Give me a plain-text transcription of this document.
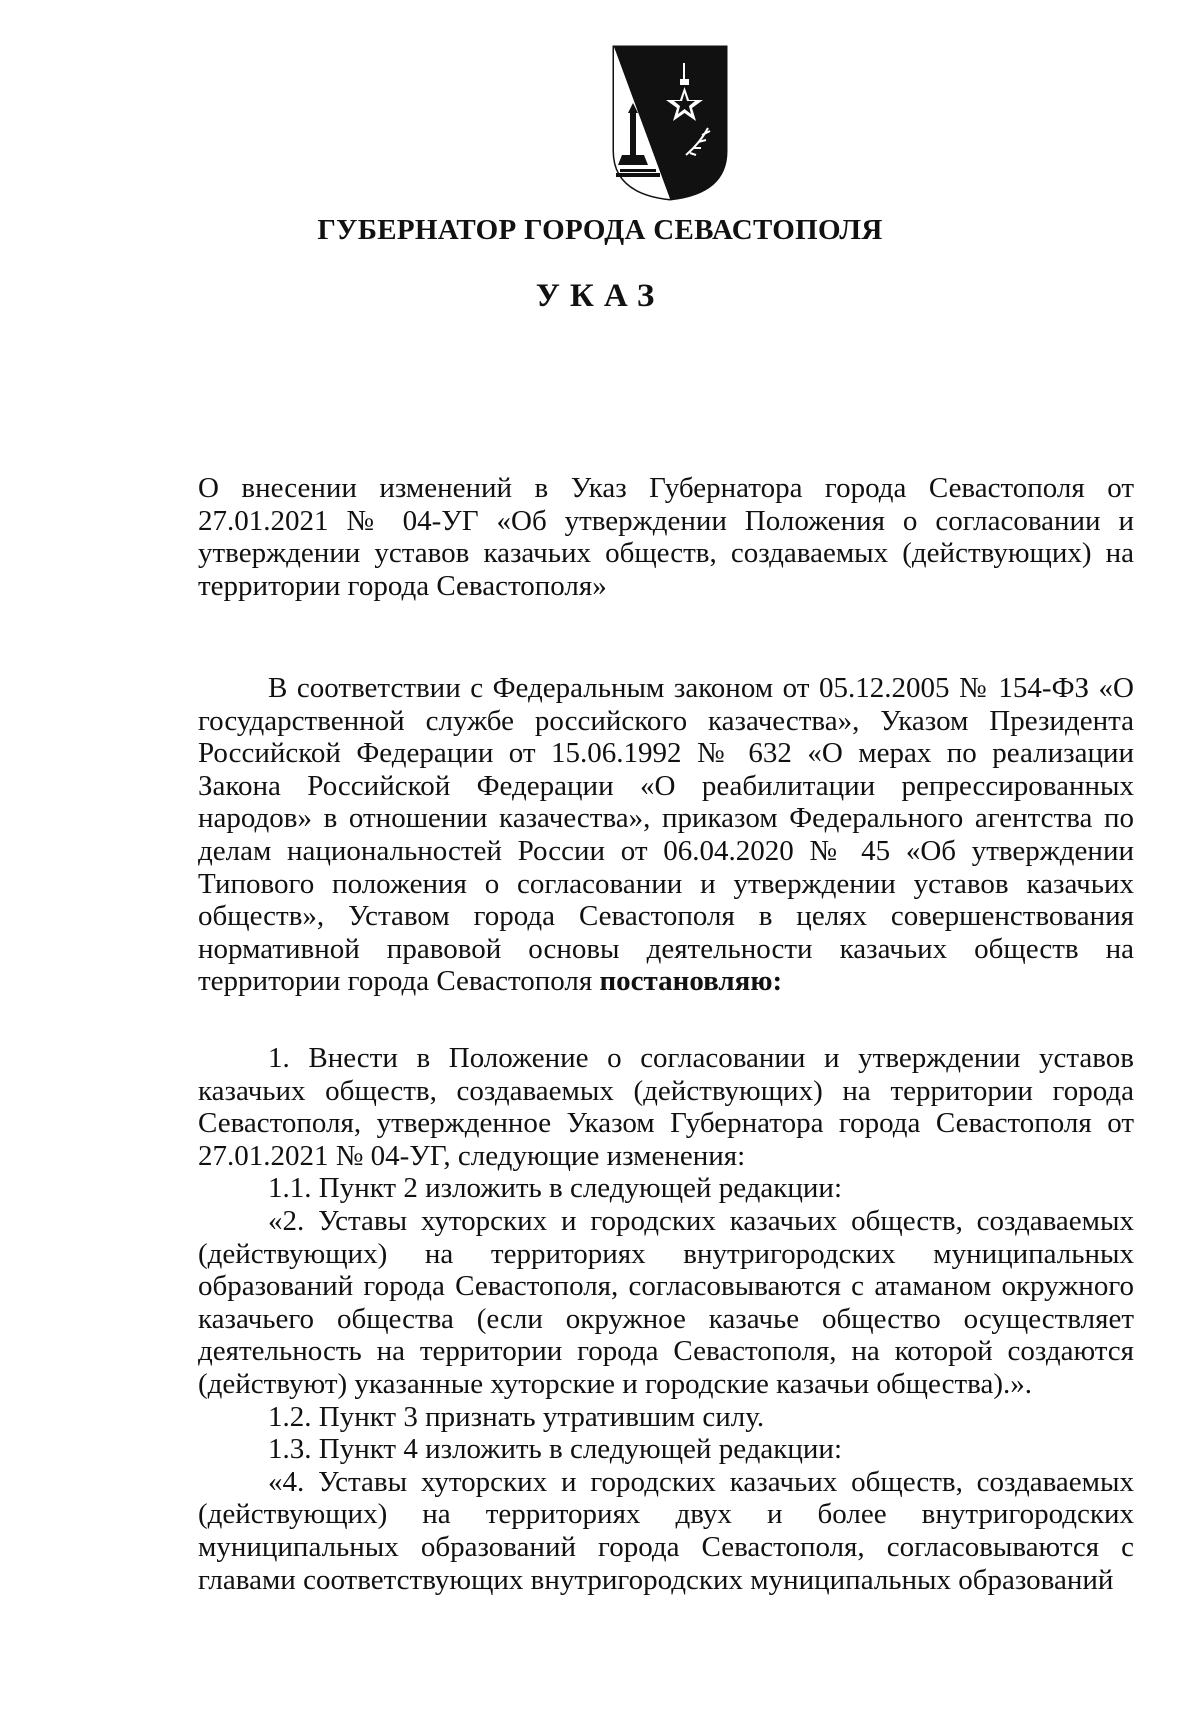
ГУБЕРНАТОР ГОРОДА СЕВАСТОПОЛЯ
УКАЗ

О внесении изменений в Указ Губернатора города Севастополя от 27.01.2021 № 04-УГ «Об утверждении Положения о согласовании и утверждении уставов казачьих обществ, создаваемых (действующих) на территории города Севастополя»

В соответствии с Федеральным законом от 05.12.2005 № 154-ФЗ «О государственной службе российского казачества», Указом Президента Российской Федерации от 15.06.1992 № 632 «О мерах по реализации Закона Российской Федерации «О реабилитации репрессированных народов» в отношении казачества», приказом Федерального агентства по делам национальностей России от 06.04.2020 № 45 «Об утверждении Типового положения о согласовании и утверждении уставов казачьих обществ», Уставом города Севастополя в целях совершенствования нормативной правовой основы деятельности казачьих обществ на территории города Севастополя постановляю:

1. Внести в Положение о согласовании и утверждении уставов казачьих обществ, создаваемых (действующих) на территории города Севастополя, утвержденное Указом Губернатора города Севастополя от 27.01.2021 № 04-УГ, следующие изменения:

1.1. Пункт 2 изложить в следующей редакции:

«2. Уставы хуторских и городских казачьих обществ, создаваемых (действующих) на территориях внутригородских муниципальных образований города Севастополя, согласовываются с атаманом окружного казачьего общества (если окружное казачье общество осуществляет деятельность на территории города Севастополя, на которой создаются (действуют) указанные хуторские и городские казачьи общества).».

1.2. Пункт 3 признать утратившим силу.

1.3. Пункт 4 изложить в следующей редакции:

«4. Уставы хуторских и городских казачьих обществ, создаваемых (действующих) на территориях двух и более внутригородских муниципальных образований города Севастополя, согласовываются с главами соответствующих внутригородских муниципальных образований
